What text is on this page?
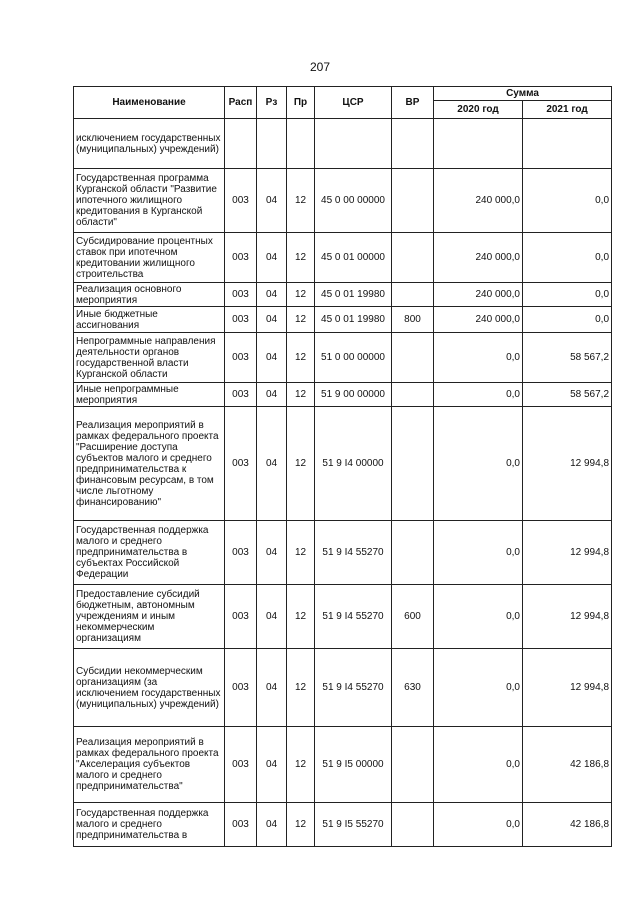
207
Наименование	Расп	Рз	Пр	ЦСР	ВР	Сумма	
						2020 год	2021 год
исключением государственных (муниципальных) учреждений)							
Государственная программа Курганской области "Развитие ипотечного жилищного кредитования в Курганской области"	003	04	12	45 0 00 00000		240 000,0	0,0
Субсидирование процентных ставок при ипотечном кредитовании жилищного строительства	003	04	12	45 0 01 00000		240 000,0	0,0
Реализация основного мероприятия	003	04	12	45 0 01 19980		240 000,0	0,0
Иные бюджетные ассигнования	003	04	12	45 0 01 19980	800	240 000,0	0,0
Непрограммные направления деятельности органов государственной власти Курганской области	003	04	12	51 0 00 00000		0,0	58 567,2
Иные непрограммные мероприятия	003	04	12	51 9 00 00000		0,0	58 567,2
Реализация мероприятий в рамках федерального проекта "Расширение доступа субъектов малого и среднего предпринимательства к финансовым ресурсам, в том числе льготному финансированию"	003	04	12	51 9 I4 00000		0,0	12 994,8
Государственная поддержка малого и среднего предпринимательства в субъектах Российской Федерации	003	04	12	51 9 I4 55270		0,0	12 994,8
Предоставление субсидий бюджетным, автономным учреждениям и иным некоммерческим организациям	003	04	12	51 9 I4 55270	600	0,0	12 994,8
Субсидии некоммерческим организациям (за исключением государственных (муниципальных) учреждений)	003	04	12	51 9 I4 55270	630	0,0	12 994,8
Реализация мероприятий в рамках федерального проекта "Акселерация субъектов малого и среднего предпринимательства"	003	04	12	51 9 I5 00000		0,0	42 186,8
Государственная поддержка малого и среднего предпринимательства в	003	04	12	51 9 I5 55270		0,0	42 186,8
